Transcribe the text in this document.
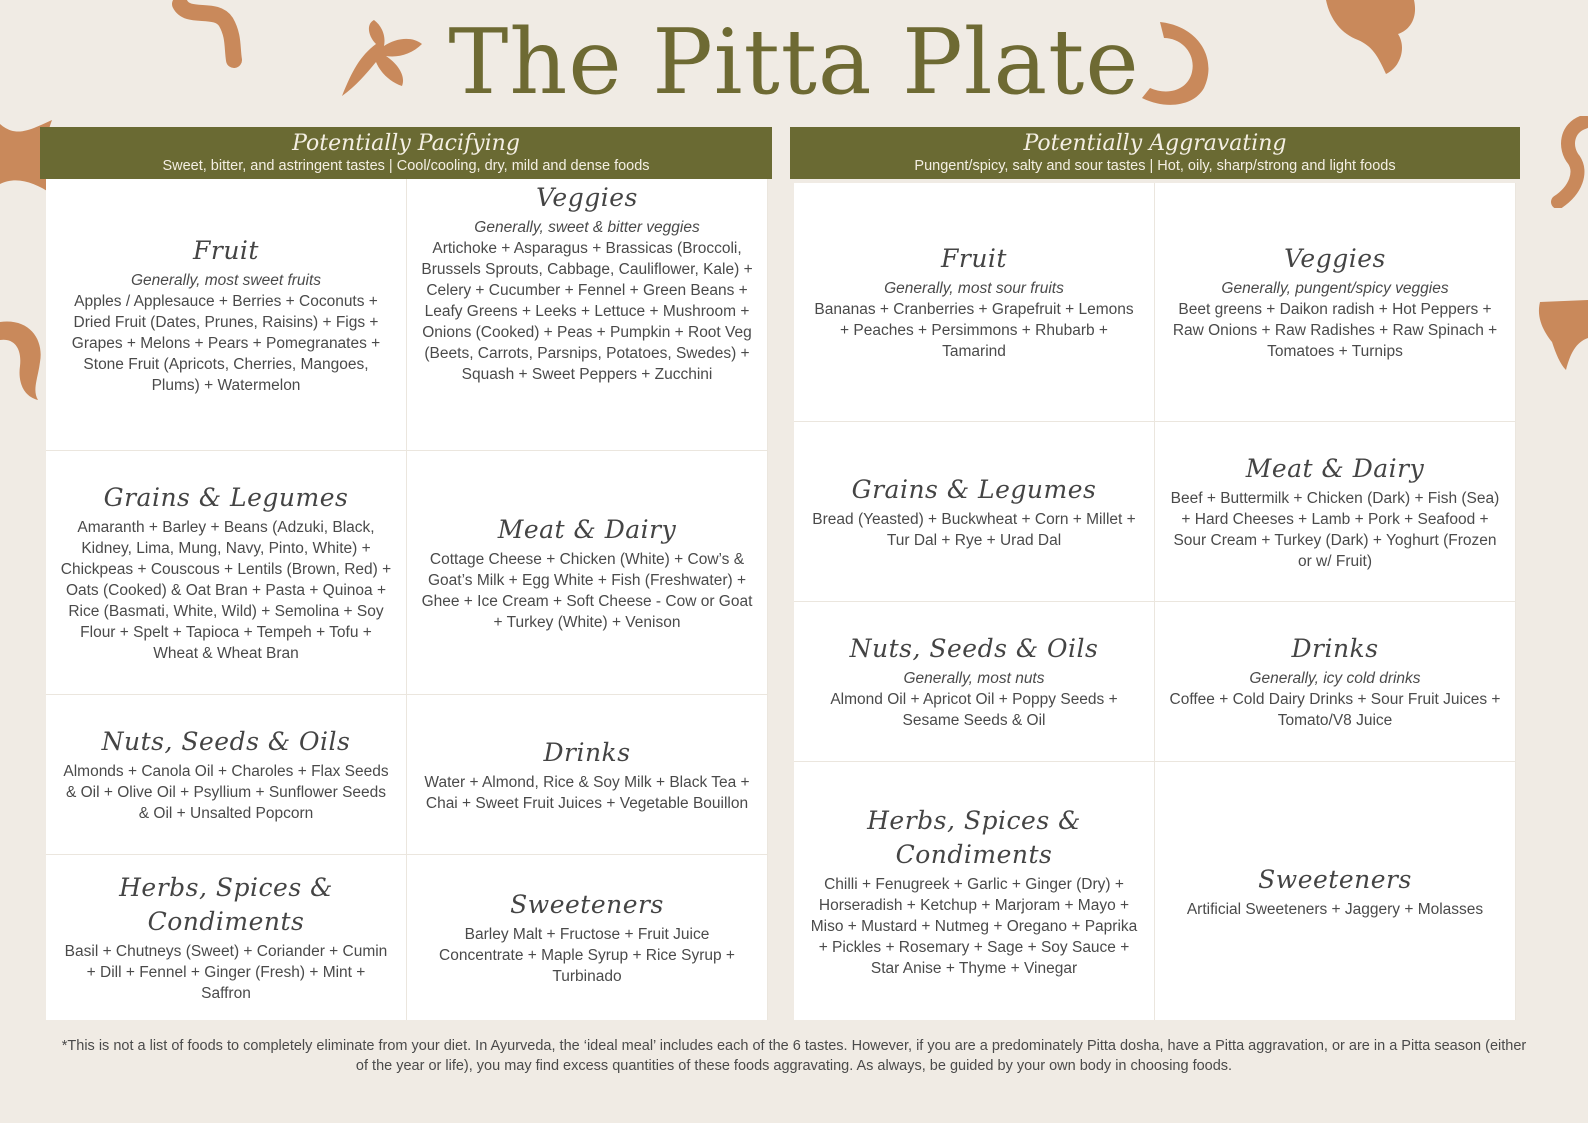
The Pitta Plate
Potentially Pacifying
Sweet, bitter, and astringent tastes | Cool/cooling, dry, mild and dense foods
Fruit
Generally, most sweet fruits
Apples / Applesauce + Berries + Coconuts + Dried Fruit (Dates, Prunes, Raisins) + Figs + Grapes + Melons + Pears + Pomegranates + Stone Fruit (Apricots, Cherries, Mangoes, Plums) + Watermelon
Veggies
Generally, sweet & bitter veggies
Artichoke + Asparagus + Brassicas (Broccoli, Brussels Sprouts, Cabbage, Cauliflower, Kale) + Celery + Cucumber + Fennel + Green Beans + Leafy Greens + Leeks + Lettuce + Mushroom + Onions (Cooked) + Peas + Pumpkin + Root Veg (Beets, Carrots, Parsnips, Potatoes, Swedes) + Squash + Sweet Peppers + Zucchini
Grains & Legumes
Amaranth + Barley + Beans (Adzuki, Black, Kidney, Lima, Mung, Navy, Pinto, White) + Chickpeas + Couscous + Lentils (Brown, Red) + Oats (Cooked) & Oat Bran + Pasta + Quinoa + Rice (Basmati, White, Wild) + Semolina + Soy Flour + Spelt + Tapioca + Tempeh + Tofu + Wheat & Wheat Bran
Meat & Dairy
Cottage Cheese + Chicken (White) + Cow’s & Goat’s Milk + Egg White + Fish (Freshwater) + Ghee + Ice Cream + Soft Cheese - Cow or Goat + Turkey (White) + Venison
Nuts, Seeds & Oils
Almonds + Canola Oil + Charoles + Flax Seeds & Oil + Olive Oil + Psyllium + Sunflower Seeds & Oil + Unsalted Popcorn
Drinks
Water + Almond, Rice & Soy Milk + Black Tea + Chai + Sweet Fruit Juices + Vegetable Bouillon
Herbs, Spices & Condiments
Basil + Chutneys (Sweet) + Coriander + Cumin + Dill + Fennel + Ginger (Fresh) + Mint + Saffron
Sweeteners
Barley Malt + Fructose + Fruit Juice Concentrate + Maple Syrup + Rice Syrup + Turbinado
Potentially Aggravating
Pungent/spicy, salty and sour tastes | Hot, oily, sharp/strong and light foods
Fruit
Generally, most sour fruits
Bananas + Cranberries + Grapefruit + Lemons + Peaches + Persimmons + Rhubarb + Tamarind
Veggies
Generally, pungent/spicy veggies
Beet greens + Daikon radish + Hot Peppers + Raw Onions + Raw Radishes + Raw Spinach + Tomatoes + Turnips
Grains & Legumes
Bread (Yeasted) + Buckwheat + Corn + Millet + Tur Dal + Rye + Urad Dal
Meat & Dairy
Beef + Buttermilk + Chicken (Dark) + Fish (Sea) + Hard Cheeses + Lamb + Pork + Seafood + Sour Cream + Turkey (Dark) + Yoghurt (Frozen or w/ Fruit)
Nuts, Seeds & Oils
Generally, most nuts
Almond Oil + Apricot Oil + Poppy Seeds + Sesame Seeds & Oil
Drinks
Generally, icy cold drinks
Coffee + Cold Dairy Drinks + Sour Fruit Juices + Tomato/V8 Juice
Herbs, Spices & Condiments
Chilli + Fenugreek + Garlic + Ginger (Dry) + Horseradish + Ketchup + Marjoram + Mayo + Miso + Mustard + Nutmeg + Oregano + Paprika + Pickles + Rosemary + Sage + Soy Sauce + Star Anise + Thyme + Vinegar
Sweeteners
Artificial Sweeteners + Jaggery + Molasses
*This is not a list of foods to completely eliminate from your diet. In Ayurveda, the ‘ideal meal’ includes each of the 6 tastes. However, if you are a predominately Pitta dosha, have a Pitta aggravation, or are in a Pitta season (either of the year or life), you may find excess quantities of these foods aggravating. As always, be guided by your own body in choosing foods.
